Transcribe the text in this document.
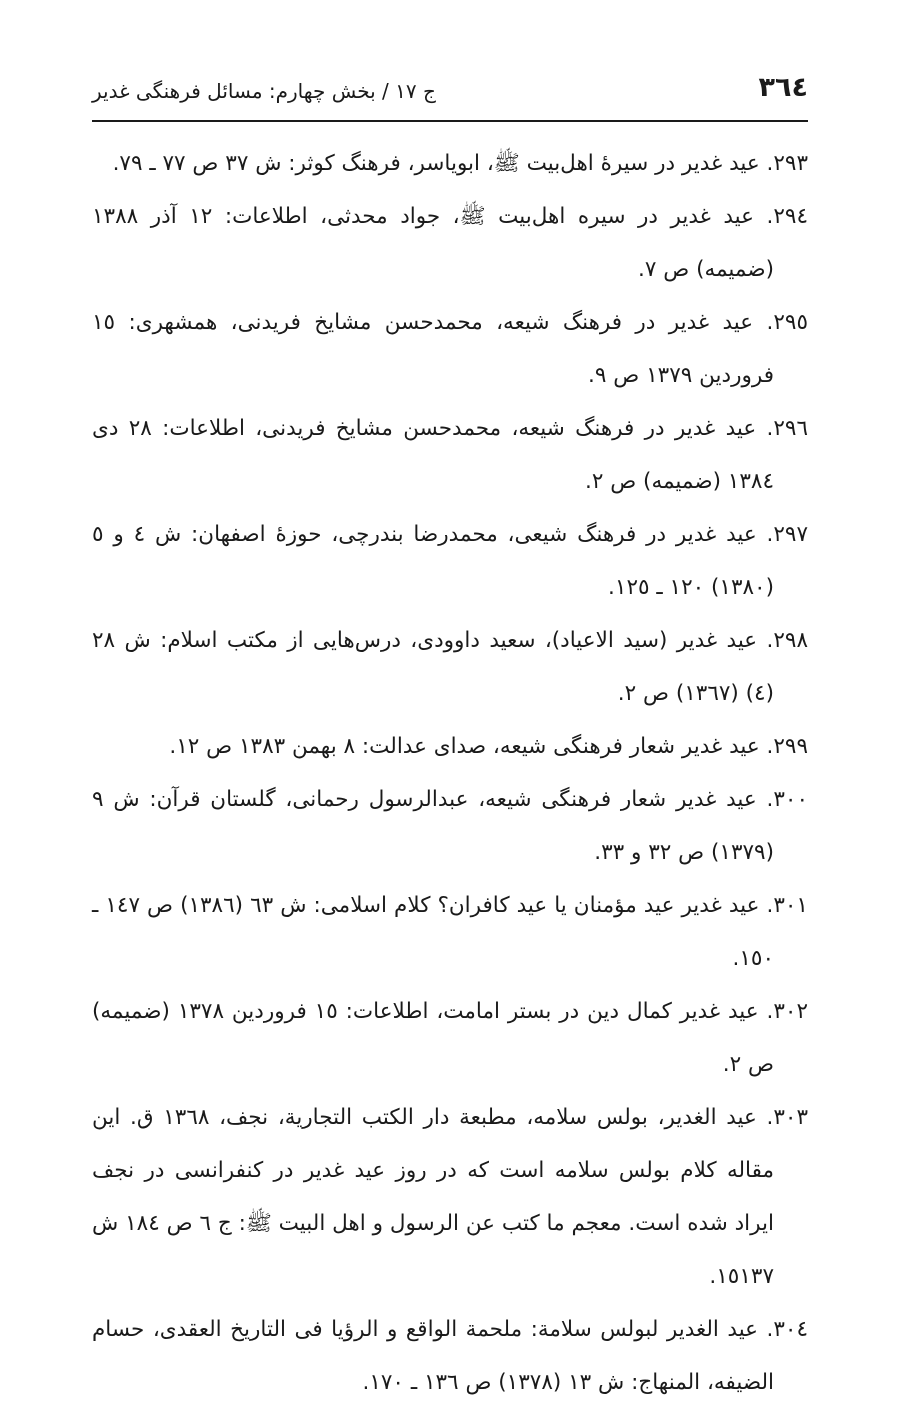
٣٦٤
ج ١٧ / بخش چهارم: مسائل فرهنگی غدیر

٢٩٣. عید غدیر در سیرۀ اهل‌بیت ﷺ، ابویاسر، فرهنگ کوثر: ش ٣٧ ص ٧٧ ـ ٧٩.

٢٩٤. عید غدیر در سیره اهل‌بیت ﷺ، جواد محدثی، اطلاعات: ١٢ آذر ١٣٨٨ (ضمیمه) ص ٧.

٢٩٥. عید غدیر در فرهنگ شیعه، محمدحسن مشایخ فریدنی، همشهری: ١٥ فروردین ١٣٧٩ ص ٩.

٢٩٦. عید غدیر در فرهنگ شیعه، محمدحسن مشایخ فریدنی، اطلاعات: ٢٨ دی ١٣٨٤ (ضمیمه) ص ٢.

٢٩٧. عید غدیر در فرهنگ شیعی، محمدرضا بندرچی، حوزۀ اصفهان: ش ٤ و ٥ (١٣٨٠) ١٢٠ ـ ١٢٥.

٢٩٨. عید غدیر (سید الاعیاد)، سعید داوودی، درس‌هایی از مکتب اسلام: ش ٢٨ (٤) (١٣٦٧) ص ٢.

٢٩٩. عید غدیر شعار فرهنگی شیعه، صدای عدالت: ٨ بهمن ١٣٨٣ ص ١٢.

٣٠٠. عید غدیر شعار فرهنگی شیعه، عبدالرسول رحمانی، گلستان قرآن: ش ٩ (١٣٧٩) ص ٣٢ و ٣٣.

٣٠١. عید غدیر عید مؤمنان یا عید کافران؟ کلام اسلامی: ش ٦٣ (١٣٨٦) ص ١٤٧ ـ ١٥٠.

٣٠٢. عید غدیر کمال دین در بستر امامت، اطلاعات: ١٥ فروردین ١٣٧٨ (ضمیمه) ص ٢.

٣٠٣. عید الغدیر، بولس سلامه، مطبعة دار الکتب التجاریة، نجف، ١٣٦٨ ق. این مقاله کلام بولس سلامه است که در روز عید غدیر در کنفرانسی در نجف ایراد شده است. معجم ما کتب عن الرسول و اهل البیت ﷺ: ج ٦ ص ١٨٤ ش ١٥١٣٧.

٣٠٤. عید الغدیر لبولس سلامة: ملحمة الواقع و الرؤیا فی التاریخ العقدی، حسام الضیفه، المنهاج: ش ١٣ (١٣٧٨) ص ١٣٦ ـ ١٧٠.
